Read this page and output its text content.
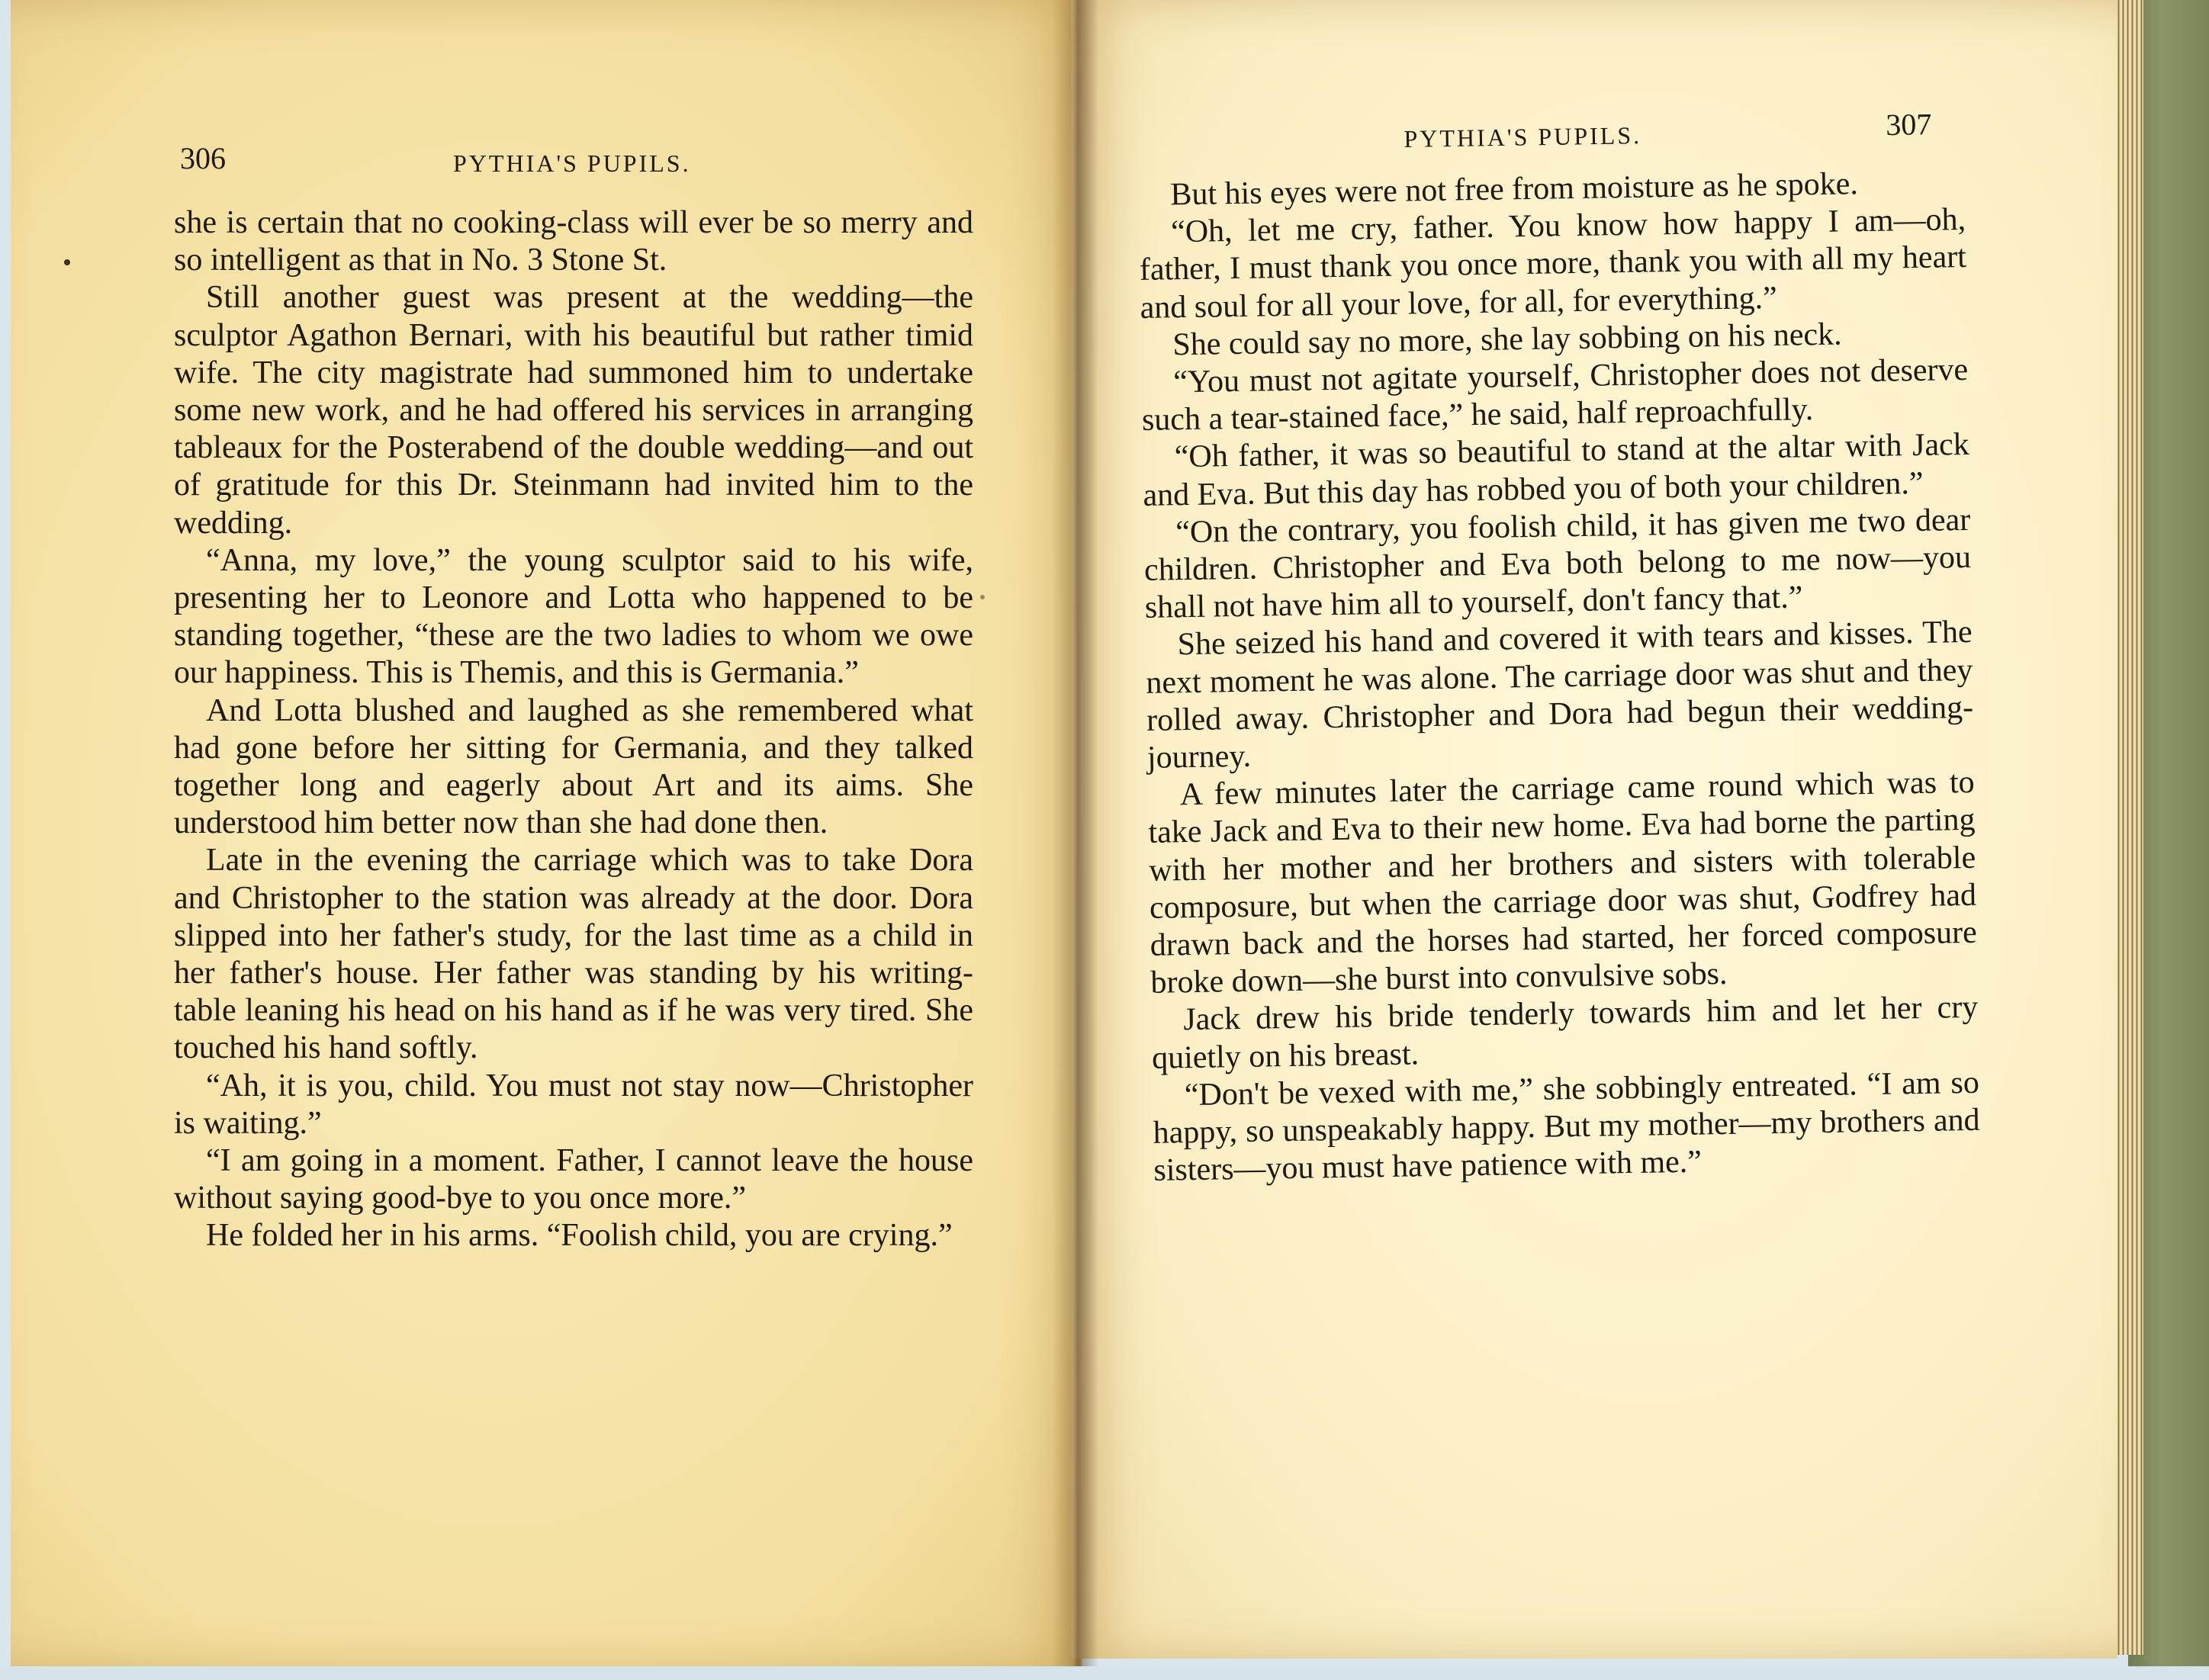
306	PYTHIA'S PUPILS.

she is certain that no cooking-class will ever be so merry and so intelligent as that in No. 3 Stone St.

Still another guest was present at the wedding—the sculptor Agathon Bernari, with his beautiful but rather timid wife. The city magistrate had summoned him to undertake some new work, and he had offered his services in arranging tableaux for the Posterabend of the double wedding—and out of gratitude for this Dr. Steinmann had invited him to the wedding.

“Anna, my love,” the young sculptor said to his wife, presenting her to Leonore and Lotta who happened to be standing together, “these are the two ladies to whom we owe our happiness. This is Themis, and this is Germania.”

And Lotta blushed and laughed as she remembered what had gone before her sitting for Germania, and they talked together long and eagerly about Art and its aims. She understood him better now than she had done then.

Late in the evening the carriage which was to take Dora and Christopher to the station was already at the door. Dora slipped into her father's study, for the last time as a child in her father's house. Her father was standing by his writing-table leaning his head on his hand as if he was very tired. She touched his hand softly.

“Ah, it is you, child. You must not stay now—Christopher is waiting.”

“I am going in a moment. Father, I cannot leave the house without saying good-bye to you once more.”

He folded her in his arms. “Foolish child, you are crying.”

PYTHIA'S PUPILS.	307

But his eyes were not free from moisture as he spoke.

“Oh, let me cry, father. You know how happy I am—oh, father, I must thank you once more, thank you with all my heart and soul for all your love, for all, for everything.”

She could say no more, she lay sobbing on his neck.

“You must not agitate yourself, Christopher does not deserve such a tear-stained face,” he said, half reproachfully.

“Oh father, it was so beautiful to stand at the altar with Jack and Eva. But this day has robbed you of both your children.”

“On the contrary, you foolish child, it has given me two dear children. Christopher and Eva both belong to me now—you shall not have him all to yourself, don't fancy that.”

She seized his hand and covered it with tears and kisses. The next moment he was alone. The carriage door was shut and they rolled away. Christopher and Dora had begun their wedding-journey.

A few minutes later the carriage came round which was to take Jack and Eva to their new home. Eva had borne the parting with her mother and her brothers and sisters with tolerable composure, but when the carriage door was shut, Godfrey had drawn back and the horses had started, her forced composure broke down—she burst into convulsive sobs.

Jack drew his bride tenderly towards him and let her cry quietly on his breast.

“Don't be vexed with me,” she sobbingly entreated. “I am so happy, so unspeakably happy. But my mother—my brothers and sisters—you must have patience with me.”
